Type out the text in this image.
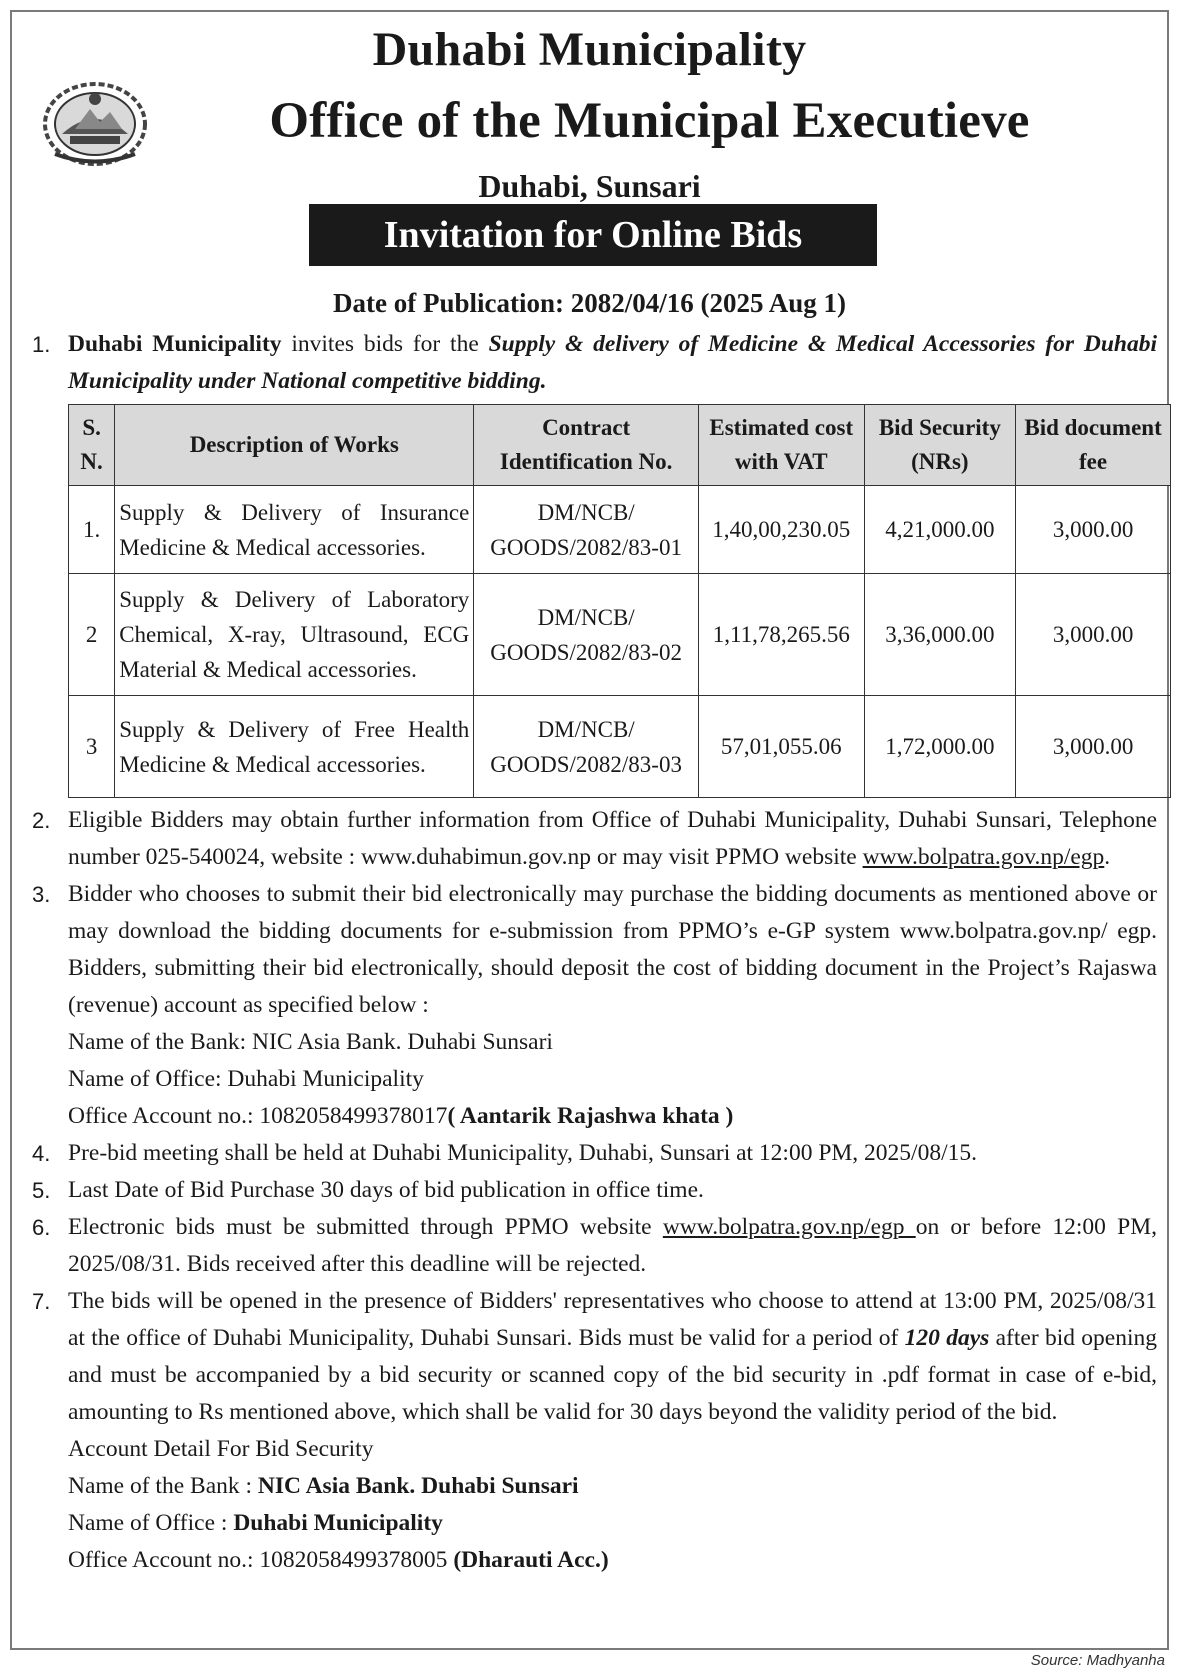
Duhabi Municipality
Office of the Municipal Executieve
Duhabi, Sunsari
Invitation for Online Bids
Date of Publication: 2082/04/16 (2025 Aug 1)
1. Duhabi Municipality invites bids for the Supply & delivery of Medicine & Medical Accessories for Duhabi Municipality under National competitive bidding.
S. N.	Description of Works	Contract Identification No.	Estimated cost with VAT	Bid Security (NRs)	Bid document fee
1.	Supply & Delivery of Insurance Medicine & Medical accessories.	DM/NCB/ GOODS/2082/83-01	1,40,00,230.05	4,21,000.00	3,000.00
2	Supply & Delivery of Laboratory Chemical, X-ray, Ultrasound, ECG Material & Medical accessories.	DM/NCB/ GOODS/2082/83-02	1,11,78,265.56	3,36,000.00	3,000.00
3	Supply & Delivery of Free Health Medicine & Medical accessories.	DM/NCB/ GOODS/2082/83-03	57,01,055.06	1,72,000.00	3,000.00
2. Eligible Bidders may obtain further information from Office of Duhabi Municipality, Duhabi Sunsari, Telephone number 025-540024, website : www.duhabimun.gov.np or may visit PPMO website www.bolpatra.gov.np/egp.
3. Bidder who chooses to submit their bid electronically may purchase the bidding documents as mentioned above or may download the bidding documents for e-submission from PPMO’s e-GP system www.bolpatra.gov.np/ egp. Bidders, submitting their bid electronically, should deposit the cost of bidding document in the Project’s Rajaswa (revenue) account as specified below :
Name of the Bank: NIC Asia Bank. Duhabi Sunsari
Name of Office: Duhabi Municipality
Office Account no.: 1082058499378017( Aantarik Rajashwa khata )
4. Pre-bid meeting shall be held at Duhabi Municipality, Duhabi, Sunsari at 12:00 PM, 2025/08/15.
5. Last Date of Bid Purchase 30 days of bid publication in office time.
6. Electronic bids must be submitted through PPMO website www.bolpatra.gov.np/egp on or before 12:00 PM, 2025/08/31. Bids received after this deadline will be rejected.
7. The bids will be opened in the presence of Bidders' representatives who choose to attend at 13:00 PM, 2025/08/31 at the office of Duhabi Municipality, Duhabi Sunsari. Bids must be valid for a period of 120 days after bid opening and must be accompanied by a bid security or scanned copy of the bid security in .pdf format in case of e-bid, amounting to Rs mentioned above, which shall be valid for 30 days beyond the validity period of the bid.
Account Detail For Bid Security
Name of the Bank : NIC Asia Bank. Duhabi Sunsari
Name of Office : Duhabi Municipality
Office Account no.: 1082058499378005 (Dharauti Acc.)
Source: Madhyanha
